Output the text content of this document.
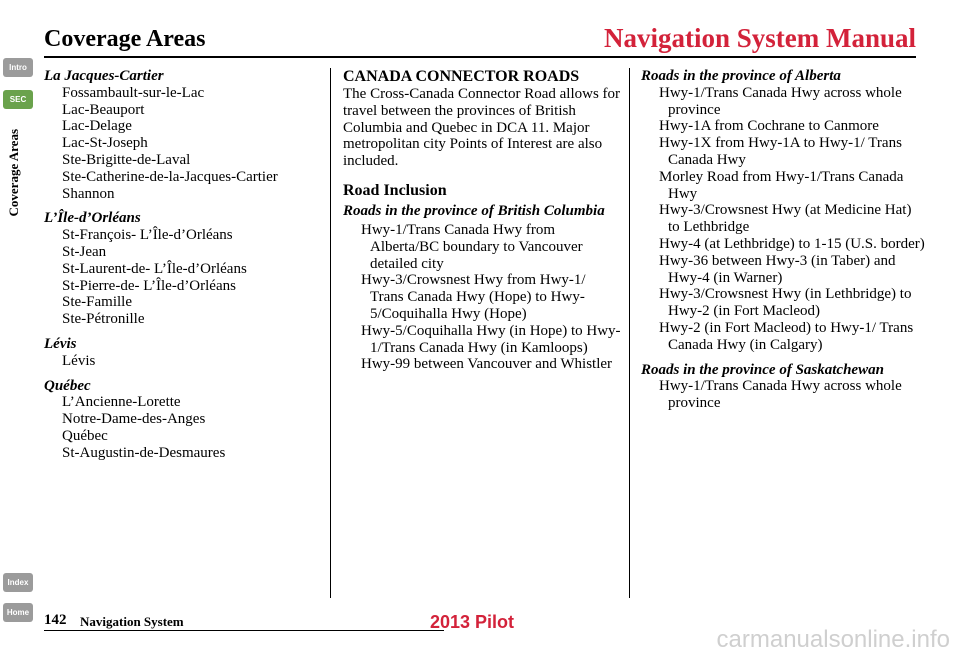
Coverage Areas	Navigation System Manual
Intro
SEC
Coverage Areas
Index
Home
La Jacques-Cartier
Fossambault-sur-le-Lac
Lac-Beauport
Lac-Delage
Lac-St-Joseph
Ste-Brigitte-de-Laval
Ste-Catherine-de-la-Jacques-Cartier
Shannon
L’Île-d’Orléans
St-François- L’Île-d’Orléans
St-Jean
St-Laurent-de- L’Île-d’Orléans
St-Pierre-de- L’Île-d’Orléans
Ste-Famille
Ste-Pétronille
Lévis
Lévis
Québec
L’Ancienne-Lorette
Notre-Dame-des-Anges
Québec
St-Augustin-de-Desmaures
CANADA CONNECTOR ROADS
The Cross-Canada Connector Road allows for travel between the provinces of British Columbia and Quebec in DCA 11. Major metropolitan city Points of Interest are also included.
Road Inclusion
Roads in the province of British Columbia
Hwy-1/Trans Canada Hwy from Alberta/BC boundary to Vancouver detailed city
Hwy-3/Crowsnest Hwy from Hwy-1/ Trans Canada Hwy (Hope) to Hwy-5/Coquihalla Hwy (Hope)
Hwy-5/Coquihalla Hwy (in Hope) to Hwy-1/Trans Canada Hwy (in Kamloops)
Hwy-99 between Vancouver and Whistler
Roads in the province of Alberta
Hwy-1/Trans Canada Hwy across whole province
Hwy-1A from Cochrane to Canmore
Hwy-1X from Hwy-1A to Hwy-1/ Trans Canada Hwy
Morley Road from Hwy-1/Trans Canada Hwy
Hwy-3/Crowsnest Hwy (at Medicine Hat) to Lethbridge
Hwy-4 (at Lethbridge) to 1-15 (U.S. border)
Hwy-36 between Hwy-3 (in Taber) and Hwy-4 (in Warner)
Hwy-3/Crowsnest Hwy (in Lethbridge) to Hwy-2 (in Fort Macleod)
Hwy-2 (in Fort Macleod) to Hwy-1/ Trans Canada Hwy (in Calgary)
Roads in the province of Saskatchewan
Hwy-1/Trans Canada Hwy across whole province
142 Navigation System	2013 Pilot
carmanualsonline.info
